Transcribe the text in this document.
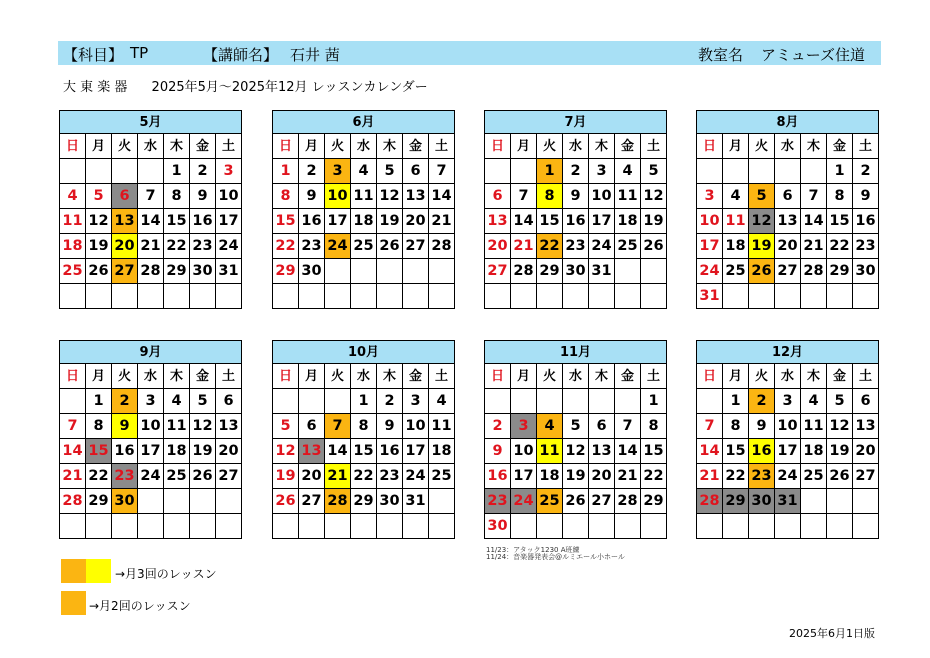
【科目】 TP	【講師名】 石井 茜	教室名 アミューズ住道
大 東 楽 器 2025年5月～2025年12月 レッスンカレンダー
5月						
日	月	火	水	木	金	土
				1	2	3
4	5	6	7	8	9	10
11	12	13	14	15	16	17
18	19	20	21	22	23	24
25	26	27	28	29	30	31

6月						
日	月	火	水	木	金	土
1	2	3	4	5	6	7
8	9	10	11	12	13	14
15	16	17	18	19	20	21
22	23	24	25	26	27	28
29	30					

7月						
日	月	火	水	木	金	土
		1	2	3	4	5
6	7	8	9	10	11	12
13	14	15	16	17	18	19
20	21	22	23	24	25	26
27	28	29	30	31		

8月						
日	月	火	水	木	金	土
					1	2
3	4	5	6	7	8	9
10	11	12	13	14	15	16
17	18	19	20	21	22	23
24	25	26	27	28	29	30
31						
9月						
日	月	火	水	木	金	土
	1	2	3	4	5	6
7	8	9	10	11	12	13
14	15	16	17	18	19	20
21	22	23	24	25	26	27
28	29	30				

10月						
日	月	火	水	木	金	土
			1	2	3	4
5	6	7	8	9	10	11
12	13	14	15	16	17	18
19	20	21	22	23	24	25
26	27	28	29	30	31	

11月						
日	月	火	水	木	金	土
						1
2	3	4	5	6	7	8
9	10	11	12	13	14	15
16	17	18	19	20	21	22
23	24	25	26	27	28	29
30						
12月						
日	月	火	水	木	金	土
	1	2	3	4	5	6
7	8	9	10	11	12	13
14	15	16	17	18	19	20
21	22	23	24	25	26	27
28	29	30	31			

11/23：アタック1230 A班練
11/24：音楽器発表会@ルミエール小ホール
→月3回のレッスン
→月2回のレッスン
2025年6月1日版
